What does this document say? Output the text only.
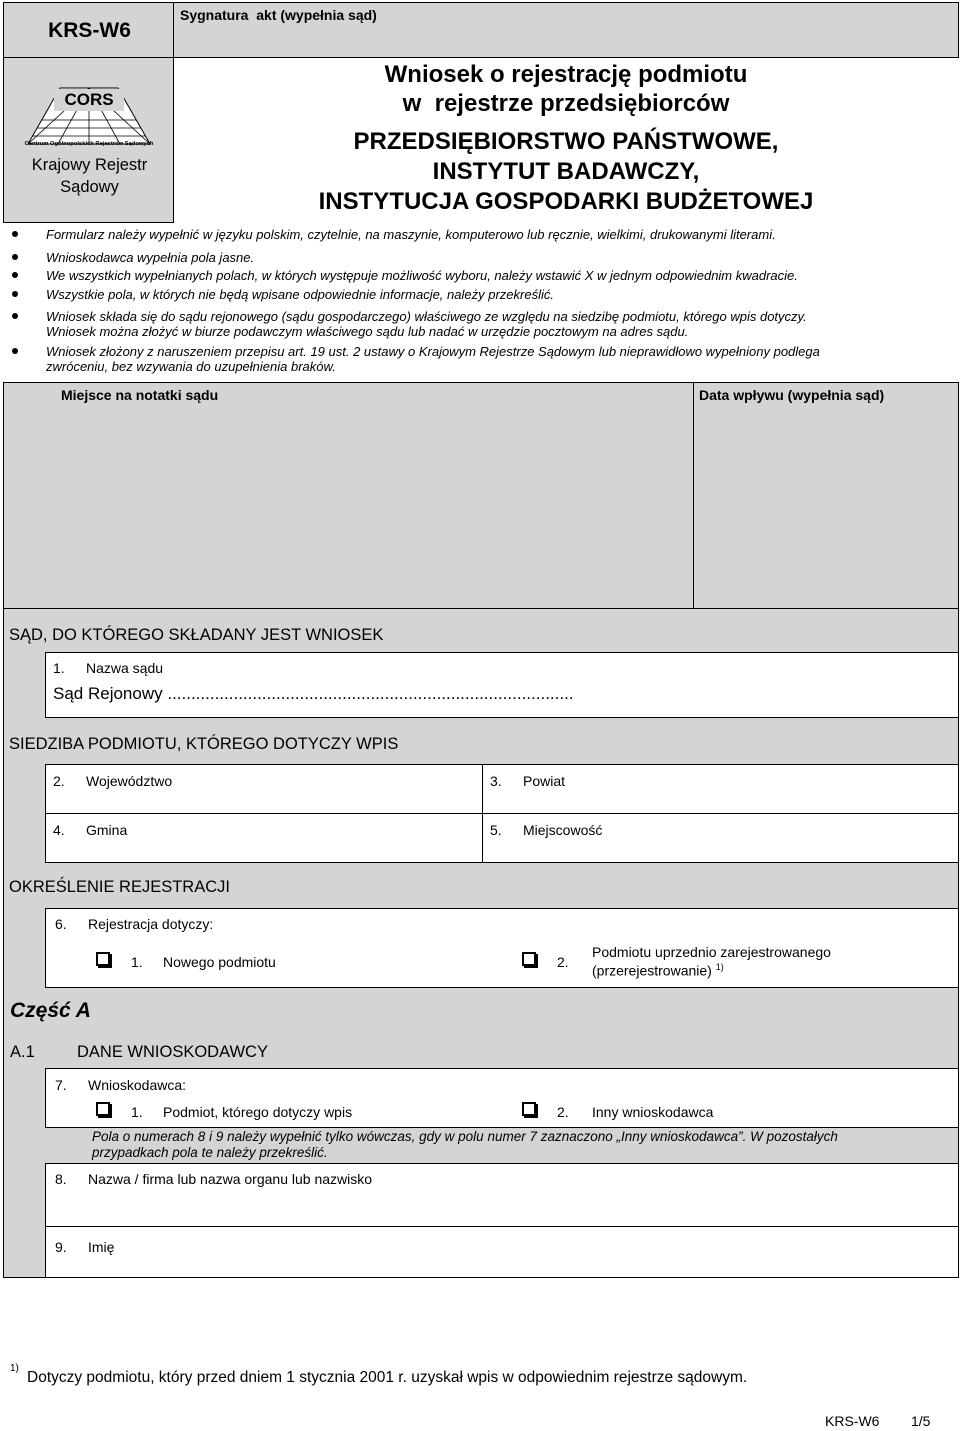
KRS-W6
CORS
Centrum Ogólnopolskich Rejestrów Sądowych
Krajowy Rejestr
Sądowy
Sygnatura  akt (wypełnia sąd)
Wniosek o rejestrację podmiotu
w  rejestrze przedsiębiorców
PRZEDSIĘBIORSTWO PAŃSTWOWE,
INSTYTUT BADAWCZY,
INSTYTUCJA GOSPODARKI BUDŻETOWEJ
Formularz należy wypełnić w języku polskim, czytelnie, na maszynie, komputerowo lub ręcznie, wielkimi, drukowanymi literami.
Wnioskodawca wypełnia pola jasne.
We wszystkich wypełnianych polach, w których występuje możliwość wyboru, należy wstawić X w jednym odpowiednim kwadracie.
Wszystkie pola, w których nie będą wpisane odpowiednie informacje, należy przekreślić.
Wniosek składa się do sądu rejonowego (sądu gospodarczego) właściwego ze względu na siedzibę podmiotu, którego wpis dotyczy.
Wniosek można złożyć w biurze podawczym właściwego sądu lub nadać w urzędzie pocztowym na adres sądu.
Wniosek złożony z naruszeniem przepisu art. 19 ust. 2 ustawy o Krajowym Rejestrze Sądowym lub nieprawidłowo wypełniony podlega
zwróceniu, bez wzywania do uzupełnienia braków.
Miejsce na notatki sądu	Data wpływu (wypełnia sąd)
SĄD, DO KTÓREGO SKŁADANY JEST WNIOSEK
1. Nazwa sądu
Sąd Rejonowy ......................................................................................
SIEDZIBA PODMIOTU, KTÓREGO DOTYCZY WPIS
2. Województwo	3. Powiat
4. Gmina	5. Miejscowość
OKREŚLENIE REJESTRACJI
6. Rejestracja dotyczy:
1. Nowego podmiotu	2.
Podmiotu uprzednio zarejestrowanego
(przerejestrowanie) $^{1)}$
Część A
A.1	DANE WNIOSKODAWCY
7. Wnioskodawca:
1. Podmiot, którego dotyczy wpis	2. Inny wnioskodawca
Pola o numerach 8 i 9 należy wypełnić tylko wówczas, gdy w polu numer 7 zaznaczono „Inny wnioskodawca”. W pozostałych
przypadkach pola te należy przekreślić.
8. Nazwa / firma lub nazwa organu lub nazwisko
9. Imię
1)
Dotyczy podmiotu, który przed dniem 1 stycznia 2001 r. uzyskał wpis w odpowiednim rejestrze sądowym.
KRS-W6 1/5
